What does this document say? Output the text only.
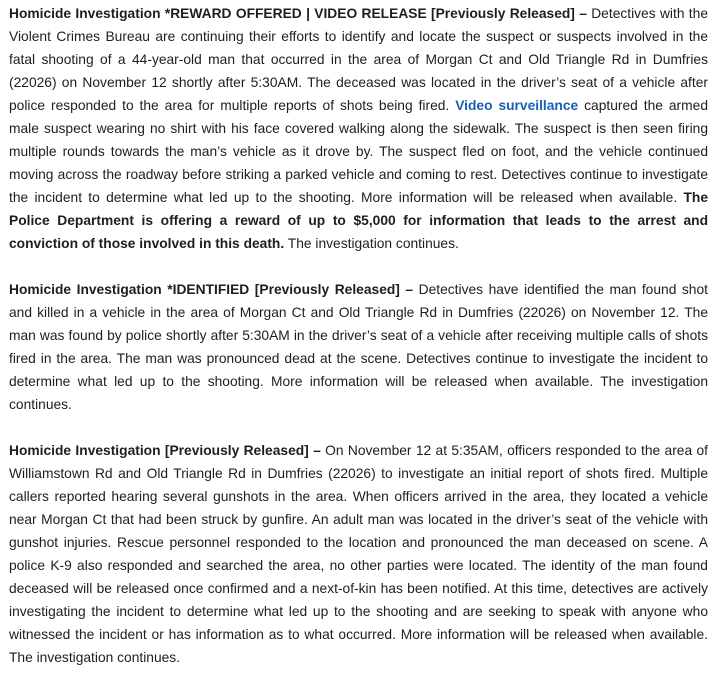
Homicide Investigation *REWARD OFFERED | VIDEO RELEASE [Previously Released] – Detectives with the Violent Crimes Bureau are continuing their efforts to identify and locate the suspect or suspects involved in the fatal shooting of a 44-year-old man that occurred in the area of Morgan Ct and Old Triangle Rd in Dumfries (22026) on November 12 shortly after 5:30AM. The deceased was located in the driver’s seat of a vehicle after police responded to the area for multiple reports of shots being fired. Video surveillance captured the armed male suspect wearing no shirt with his face covered walking along the sidewalk. The suspect is then seen firing multiple rounds towards the man’s vehicle as it drove by. The suspect fled on foot, and the vehicle continued moving across the roadway before striking a parked vehicle and coming to rest. Detectives continue to investigate the incident to determine what led up to the shooting. More information will be released when available. The Police Department is offering a reward of up to $5,000 for information that leads to the arrest and conviction of those involved in this death. The investigation continues.

Homicide Investigation *IDENTIFIED [Previously Released] – Detectives have identified the man found shot and killed in a vehicle in the area of Morgan Ct and Old Triangle Rd in Dumfries (22026) on November 12. The man was found by police shortly after 5:30AM in the driver’s seat of a vehicle after receiving multiple calls of shots fired in the area. The man was pronounced dead at the scene. Detectives continue to investigate the incident to determine what led up to the shooting. More information will be released when available. The investigation continues.

Homicide Investigation [Previously Released] – On November 12 at 5:35AM, officers responded to the area of Williamstown Rd and Old Triangle Rd in Dumfries (22026) to investigate an initial report of shots fired. Multiple callers reported hearing several gunshots in the area. When officers arrived in the area, they located a vehicle near Morgan Ct that had been struck by gunfire. An adult man was located in the driver’s seat of the vehicle with gunshot injuries. Rescue personnel responded to the location and pronounced the man deceased on scene. A police K-9 also responded and searched the area, no other parties were located. The identity of the man found deceased will be released once confirmed and a next-of-kin has been notified. At this time, detectives are actively investigating the incident to determine what led up to the shooting and are seeking to speak with anyone who witnessed the incident or has information as to what occurred. More information will be released when available. The investigation continues.
